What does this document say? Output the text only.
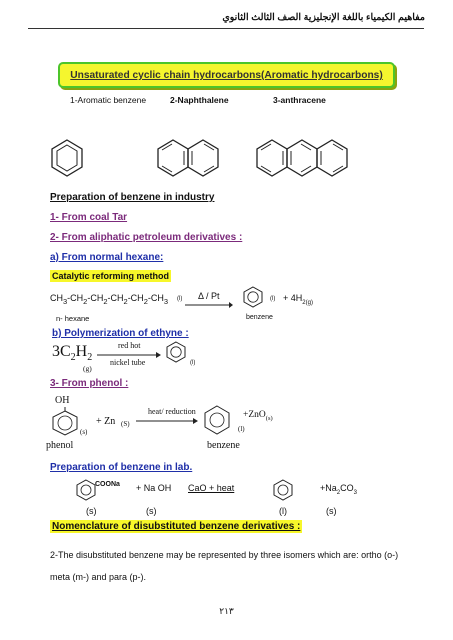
مفاهيم الكيمياء باللغة الإنجليزية الصف الثالث الثانوي
Unsaturated cyclic chain hydrocarbons(Aromatic hydrocarbons)
1-Aromatic benzene	2-Naphthalene	3-anthracene
Preparation of benzene in industry
1- From coal Tar
2- From aliphatic petroleum derivatives :
a) From normal hexane:
Catalytic reforming method
$CH_3-CH_2-CH_2-CH_2-CH_2-CH_3$ (l) Δ / Pt	$(l) + 4H_{2(g)}$
n- hexane	benzene
b) Polymerization of ethyne :
$3C_2H_2$
(g)
red hot
nickel tube	(l)
3- From phenol :
OH
(s)
phenol
+ Zn (S)
heat/ reduction	+ZnO$_{(s)}$
(l)
benzene
Preparation of benzene in lab.
COONa + Na OH CaO + heat	$+Na_2CO_3$
(s)	(s)	(l)	(s)
Nomenclature of disubstituted benzene derivatives :
2-The disubstituted benzene may be represented by three isomers which are: ortho (o-)
meta (m-) and para (p-).
٢١٣
